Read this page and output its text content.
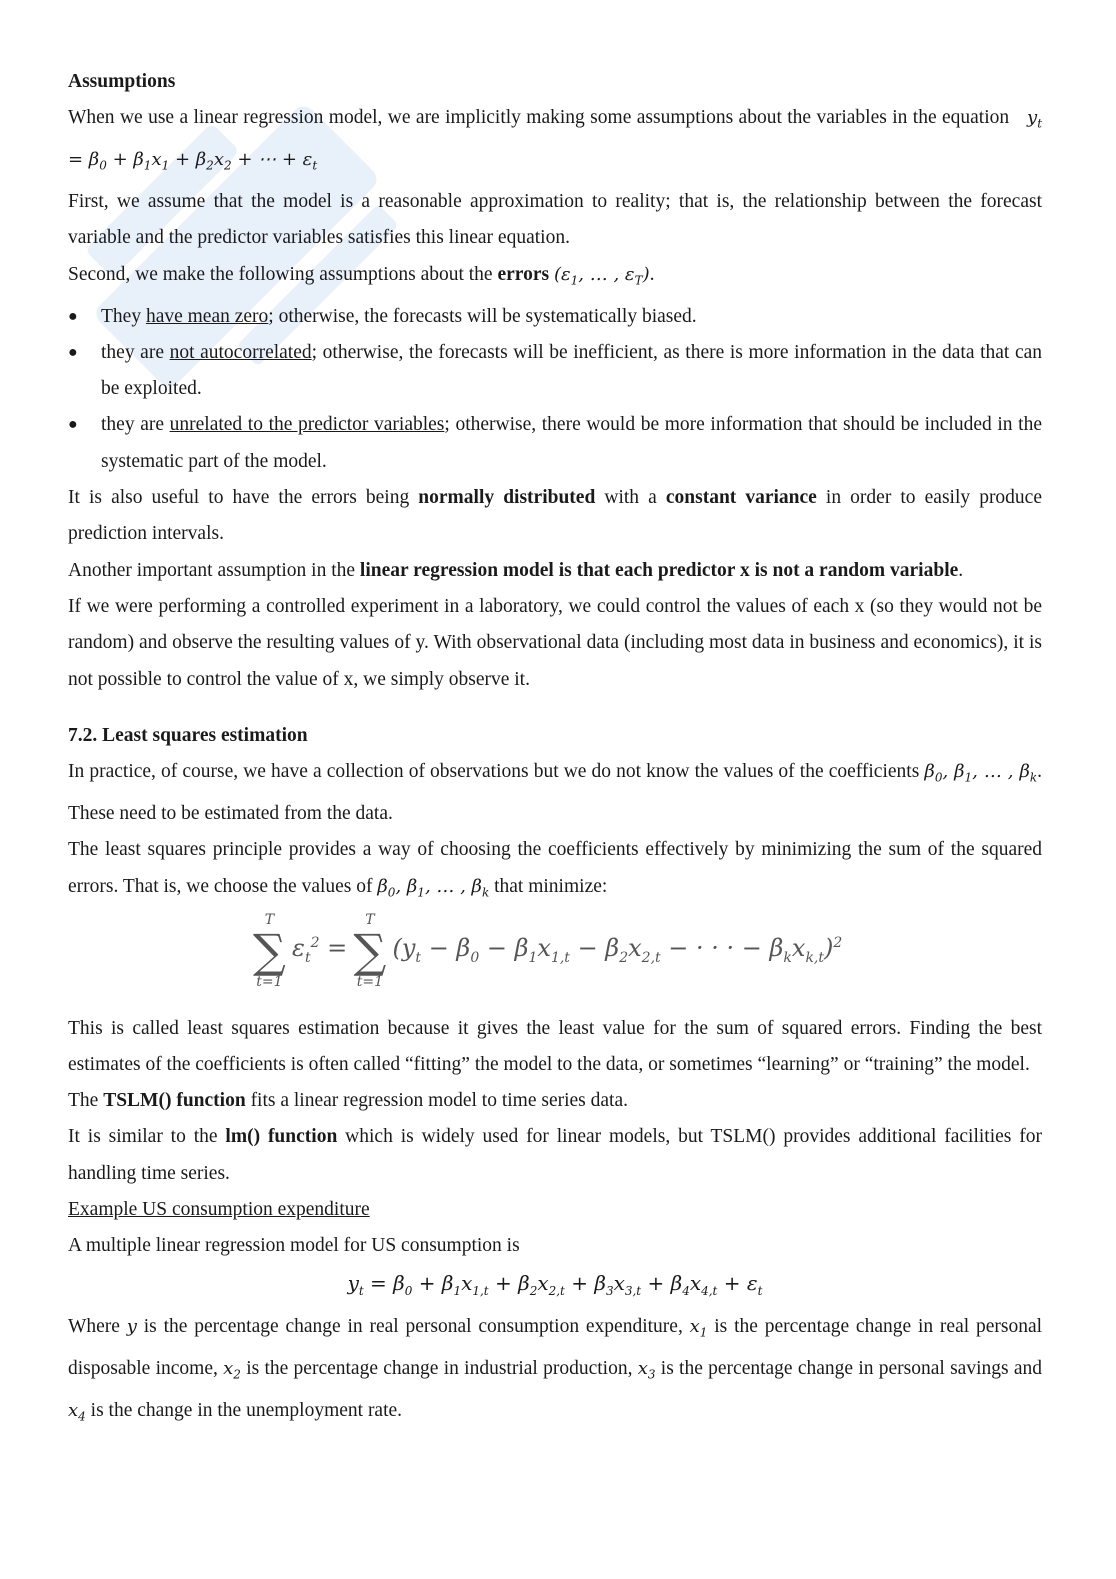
Assumptions

When we use a linear regression model, we are implicitly making some assumptions about the variables in the equation   $y_t = \beta_0 + \beta_1x_1 + \beta_2x_2$ + ⋯ + $\varepsilon_t$

First, we assume that the model is a reasonable approximation to reality; that is, the relationship between the forecast variable and the predictor variables satisfies this linear equation.

Second, we make the following assumptions about the errors ($\varepsilon_1$, … , $\varepsilon_T$).

● They have mean zero; otherwise, the forecasts will be systematically biased.
● they are not autocorrelated; otherwise, the forecasts will be inefficient, as there is more information in the data that can be exploited.
● they are unrelated to the predictor variables; otherwise, there would be more information that should be included in the systematic part of the model.

It is also useful to have the errors being normally distributed with a constant variance in order to easily produce prediction intervals.

Another important assumption in the linear regression model is that each predictor x is not a random variable.

If we were performing a controlled experiment in a laboratory, we could control the values of each x (so they would not be random) and observe the resulting values of y. With observational data (including most data in business and economics), it is not possible to control the value of x, we simply observe it.

7.2. Least squares estimation

In practice, of course, we have a collection of observations but we do not know the values of the coefficients $\beta_0$, $\beta_1$, … , $\beta_k$. These need to be estimated from the data.

The least squares principle provides a way of choosing the coefficients effectively by minimizing the sum of the squared errors. That is, we choose the values of $\beta_0$, $\beta_1$, … , $\beta_k$ that minimize:

T
∑
t=1
$\varepsilon_t^2$ =
T
∑
t=1
($y_t - \beta_0 - \beta_1x_{1,t} - \beta_2x_{2,t}$ − · · · − $\beta_kx_{k,t})^2$

This is called least squares estimation because it gives the least value for the sum of squared errors. Finding the best estimates of the coefficients is often called “fitting” the model to the data, or sometimes “learning” or “training” the model.

The TSLM() function fits a linear regression model to time series data.

It is similar to the lm() function which is widely used for linear models, but TSLM() provides additional facilities for handling time series.

Example US consumption expenditure

A multiple linear regression model for US consumption is

$y_t = \beta_0 + \beta_1x_{1,t} + \beta_2x_{2,t} + \beta_3x_{3,t} + \beta_4x_{4,t} + \varepsilon_t$

Where y is the percentage change in real personal consumption expenditure, $x_1$ is the percentage change in real personal disposable income, $x_2$ is the percentage change in industrial production, $x_3$ is the percentage change in personal savings and $x_4$ is the change in the unemployment rate.
